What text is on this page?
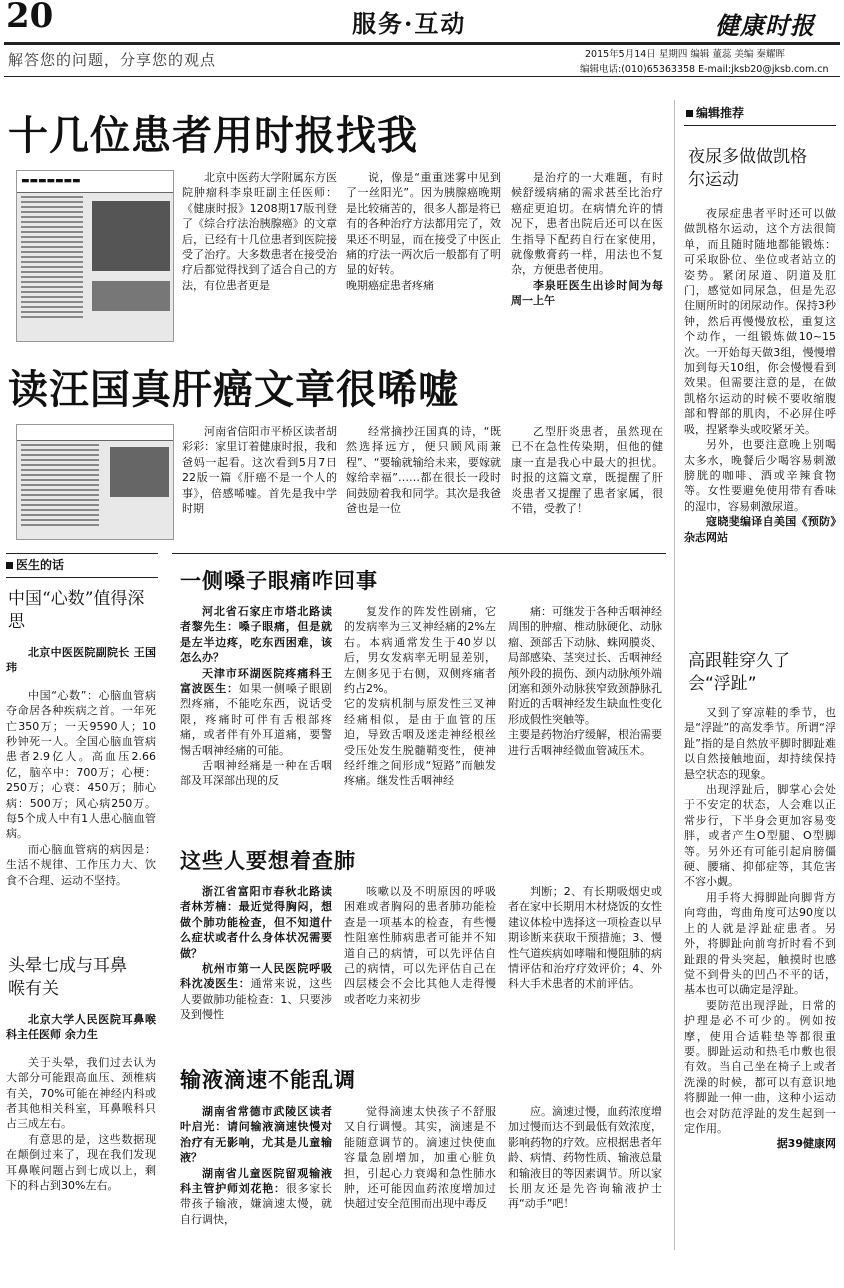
20	服务·互动	健康时报
解答您的问题，分享您的观点	2015年5月14日 星期四 编辑 董蕊 美编 秦耀晖
编辑电话:(010)65363358 E-mail:jksb20@jksb.com.cn
十几位患者用时报找我
▬▬▬▬▬▬▬	北京中医药大学附属东方医院肿瘤科李泉旺副主任医师：《健康时报》1208期17版刊登了《综合疗法治胰腺癌》的文章后，已经有十几位患者到医院接受了治疗。大多数患者在接受治疗后都觉得找到了适合自己的方法，有位患者更是

说，像是“重重迷雾中见到了一丝阳光”。因为胰腺癌晚期是比较痛苦的，很多人都是将已有的各种治疗方法都用完了，效果还不明显，而在接受了中医止痛的疗法一两次后一般都有了明显的好转。
晚期癌症患者疼痛

是治疗的一大难题，有时候舒缓病痛的需求甚至比治疗癌症更迫切。在病情允许的情况下，患者出院后还可以在医生指导下配药自行在家使用，就像敷膏药一样，用法也不复杂，方便患者使用。

李泉旺医生出诊时间为每周一上午

读汪国真肝癌文章很唏嘘

河南省信阳市平桥区读者胡彩彩：家里订着健康时报，我和爸妈一起看。这次看到5月7日22版一篇《肝癌不是一个人的事》，倍感唏嘘。首先是我中学时期

经常摘抄汪国真的诗，“既然选择远方，便只顾风雨兼程”、“要输就输给未来，要嫁就嫁给幸福”……都在很长一段时间鼓励着我和同学。其次是我爸爸也是一位

乙型肝炎患者，虽然现在已不在急性传染期，但他的健康一直是我心中最大的担忧。时报的这篇文章，既提醒了肝炎患者又提醒了患者家属，很不错，受教了！

医生的话
中国“心数”值得深思

北京中医医院副院长 王国玮

中国“心数”：心脑血管病夺命居各种疾病之首。一年死亡350万；一天9590人；10秒钟死一人。全国心脑血管病患者2.9亿人。高血压2.66亿，脑卒中：700万；心梗：250万；心衰：450万；肺心病：500万；风心病250万。每5个成人中有1人患心脑血管病。

而心脑血管病的病因是：生活不规律、工作压力大、饮食不合理、运动不坚持。

头晕七成与耳鼻喉有关

北京大学人民医院耳鼻喉科主任医师 余力生

关于头晕，我们过去认为大部分可能跟高血压、颈椎病有关，70%可能在神经内科或者其他相关科室，耳鼻喉科只占三成左右。

有意思的是，这些数据现在颠倒过来了，现在我们发现耳鼻喉问题占到七成以上，剩下的科占到30%左右。

一侧嗓子眼痛咋回事

河北省石家庄市塔北路读者黎先生：嗓子眼痛，但是就是左半边疼，吃东西困难，该怎么办？

天津市环湖医院疼痛科王富波医生：如果一侧嗓子眼剧烈疼痛，不能吃东西，说话受限，疼痛时可伴有舌根部疼痛，或者伴有外耳道痛，要警惕舌咽神经痛的可能。

舌咽神经痛是一种在舌咽部及耳深部出现的反

复发作的阵发性剧痛，它的发病率为三叉神经痛的2%左右。本病通常发生于40岁以后，男女发病率无明显差别，左侧多见于右侧，双侧疼痛者约占2%。
它的发病机制与原发性三叉神经痛相似，是由于血管的压迫，导致舌咽及迷走神经根丝受压处发生脱髓鞘变性，使神经纤维之间形成“短路”而触发疼痛。继发性舌咽神经

痛：可继发于各种舌咽神经周围的肿瘤、椎动脉硬化、动脉瘤、颈部舌下动脉、蛛网膜炎、局部感染、茎突过长、舌咽神经颅外段的损伤、颈内动脉颅外端闭塞和颈外动脉狭窄致颈静脉孔附近的舌咽神经发生缺血性变化形成假性突触等。
主要是药物治疗缓解，根治需要进行舌咽神经微血管减压术。

这些人要想着查肺

浙江省富阳市春秋北路读者林芳楠：最近觉得胸闷，想做个肺功能检查，但不知道什么症状或者什么身体状况需要做？

杭州市第一人民医院呼吸科沈凌医生：通常来说，这些人要做肺功能检查：1、只要涉及到慢性

咳嗽以及不明原因的呼吸困难或者胸闷的患者肺功能检查是一项基本的检查，有些慢性阻塞性肺病患者可能并不知道自己的病情，可以先评估自己的病情，可以先评估自己在四层楼会不会比其他人走得慢或者吃力来初步

判断；2、有长期吸烟史或者在家中长期用木材烧饭的女性建议体检中选择这一项检查以早期诊断来获取干预措施；3、慢性气道疾病如哮喘和慢阻肺的病情评估和治疗疗效评价；4、外科大手术患者的术前评估。

输液滴速不能乱调

湖南省常德市武陵区读者叶启光：请问输液滴速快慢对治疗有无影响，尤其是儿童输液？

湖南省儿童医院留观输液科主管护师刘花艳：很多家长带孩子输液，嫌滴速太慢，就自行调快，

觉得滴速太快孩子不舒服又自行调慢。其实，滴速是不能随意调节的。滴速过快使血容量急剧增加，加重心脏负担，引起心力衰竭和急性肺水肿，还可能因血药浓度增加过快超过安全范围而出现中毒反

应。滴速过慢，血药浓度增加过慢而达不到最低有效浓度，影响药物的疗效。应根据患者年龄、病情、药物性质、输液总量和输液目的等因素调节。所以家长朋友还是先咨询输液护士再“动手”吧！

编辑推荐
夜尿多做做凯格尔运动

夜尿症患者平时还可以做做凯格尔运动，这个方法很简单，而且随时随地都能锻炼：可采取卧位、坐位或者站立的姿势。紧闭尿道、阴道及肛门，感觉如同尿急，但是先忍住厕所时的闭尿动作。保持3秒钟，然后再慢慢放松，重复这个动作，一组锻炼做10~15次。一开始每天做3组，慢慢增加到每天10组，你会慢慢看到效果。但需要注意的是，在做凯格尔运动的时候不要收缩腹部和臀部的肌肉，不必屏住呼吸，捏紧拳头或咬紧牙关。

另外，也要注意晚上别喝太多水，晚餐后少喝容易刺激膀胱的咖啡、酒或辛辣食物等。女性要避免使用带有香味的湿巾，容易刺激尿道。

寇晓斐编译自美国《预防》杂志网站

高跟鞋穿久了会“浮趾”

又到了穿凉鞋的季节，也是“浮趾”的高发季节。所谓“浮趾”指的是自然放平脚时脚趾难以自然接触地面，却持续保持悬空状态的现象。

出现浮趾后，脚掌心会处于不安定的状态，人会难以正常步行，下半身会更加容易变胖，或者产生O型腿、O型脚等。另外还有可能引起肩膀僵硬、腰痛、抑郁症等，其危害不容小觑。

用手将大拇脚趾向脚背方向弯曲，弯曲角度可达90度以上的人就是浮趾症患者。另外，将脚趾向前弯折时看不到趾跟的骨头突起，触摸时也感觉不到骨头的凹凸不平的话，基本也可以确定是浮趾。

要防范出现浮趾，日常的护理是必不可少的。例如按摩，使用合适鞋垫等都很重要。脚趾运动和热毛巾敷也很有效。当自己坐在椅子上或者洗澡的时候，都可以有意识地将脚趾一伸一曲，这种小运动也会对防范浮趾的发生起到一定作用。

据39健康网
